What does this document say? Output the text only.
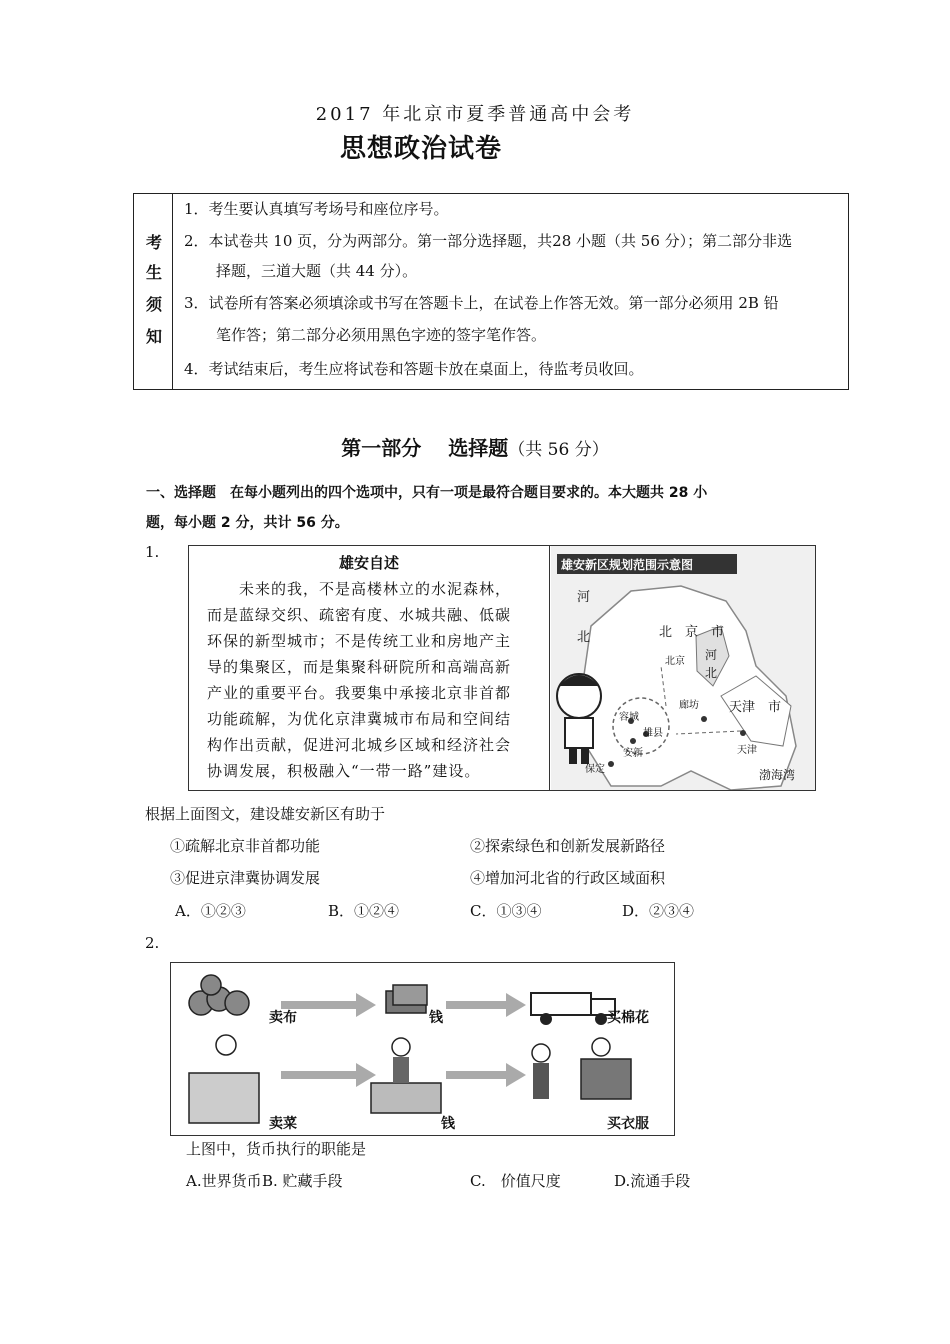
2017 年北京市夏季普通高中会考
思想政治试卷
考
生
须
知
1．考生要认真填写考场号和座位序号。
2．本试卷共 10 页，分为两部分。第一部分选择题，共28 小题（共 56 分）；第二部分非选
择题，三道大题（共 44 分）。
3．试卷所有答案必须填涂或书写在答题卡上，在试卷上作答无效。第一部分必须用 2B 铅
笔作答；第二部分必须用黑色字迹的签字笔作答。
4．考试结束后，考生应将试卷和答题卡放在桌面上，待监考员收回。
第一部分　 选择题（共 56 分）
一、选择题　在每小题列出的四个选项中，只有一项是最符合题目要求的。本大题共 28 小
题，每小题 2 分，共计 56 分。
1.
雄安自述
　　未来的我，不是高楼林立的水泥森林，
而是蓝绿交织、疏密有度、水城共融、低碳
环保的新型城市；不是传统工业和房地产主
导的集聚区，而是集聚科研院所和高端高新
产业的重要平台。我要集中承接北京非首都
功能疏解，为优化京津冀城市布局和空间结
构作出贡献，促进河北城乡区域和经济社会
协调发展，积极融入“一带一路”建设。
雄安新区规划范围示意图
河
北	北　京　市
北京 河
北
廊坊 天津　市
天津
容城
雄县
安新
保定	渤海湾
根据上面图文，建设雄安新区有助于
①疏解北京非首都功能	②探索绿色和创新发展新路径
③促进京津冀协调发展	④增加河北省的行政区域面积
A．①②③	B．①②④	C．①③④	D．②③④
2.
卖布	钱	买棉花
卖菜	钱	买衣服
上图中，货币执行的职能是
A.世界货币 B. 贮藏手段	C.　价值尺度	D.流通手段
